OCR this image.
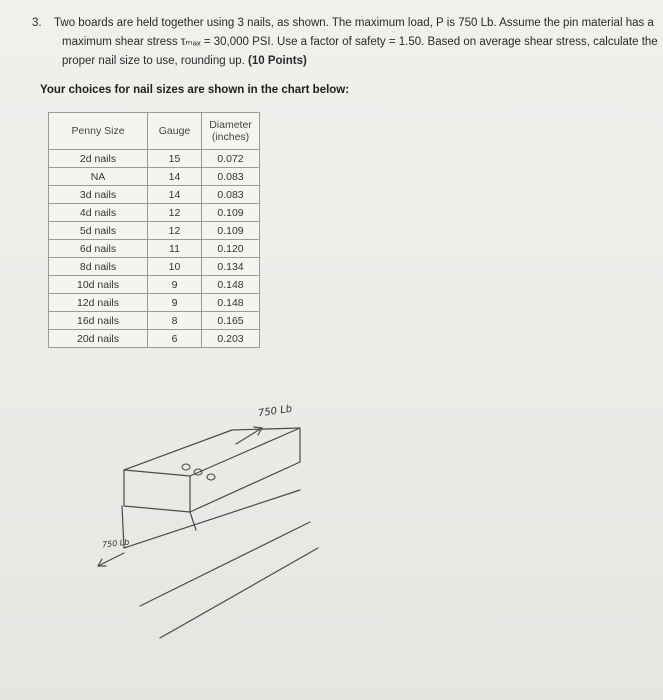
3. Two boards are held together using 3 nails, as shown. The maximum load, P is 750 Lb. Assume the pin material has a
maximum shear stress τₘₐₓ = 30,000 PSI. Use a factor of safety = 1.50. Based on average shear stress, calculate the
proper nail size to use, rounding up. (10 Points)
Your choices for nail sizes are shown in the chart below:
Penny Size	Gauge	Diameter (inches)
2d nails	15	0.072
NA	14	0.083
3d nails	14	0.083
4d nails	12	0.109
5d nails	12	0.109
6d nails	11	0.120
8d nails	10	0.134
10d nails	9	0.148
12d nails	9	0.148
16d nails	8	0.165
20d nails	6	0.203
750 Lb
750 Lb
